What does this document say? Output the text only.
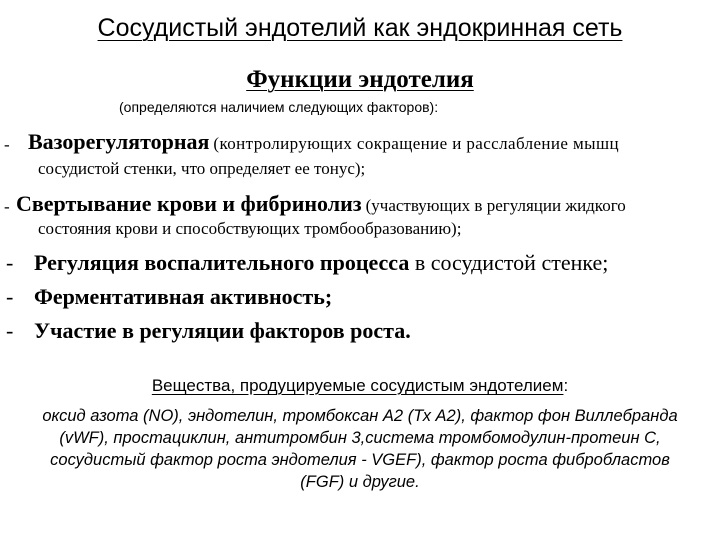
Сосудистый эндотелий как эндокринная сеть
Функции эндотелия
(определяются наличием следующих факторов):
- Вазорегуляторная (контролирующих сокращение и расслабление мышц
сосудистой стенки, что определяет ее тонус);
- Свертывание крови и фибринолиз (участвующих в регуляции жидкого
состояния крови и способствующих тромбообразованию);
- Регуляция воспалительного процесса в сосудистой стенке;
- Ферментативная активность;
- Участие в регуляции факторов роста.
Вещества, продуцируемые сосудистым эндотелием:
оксид азота (NO), эндотелин, тромбоксан А2 (Тх А2), фактор фон Виллебранда
(vWF), простациклин, антитромбин 3,система тромбомодулин-протеин С,
сосудистый фактор роста эндотелия - VGEF), фактор роста фибробластов
(FGF) и другие.
